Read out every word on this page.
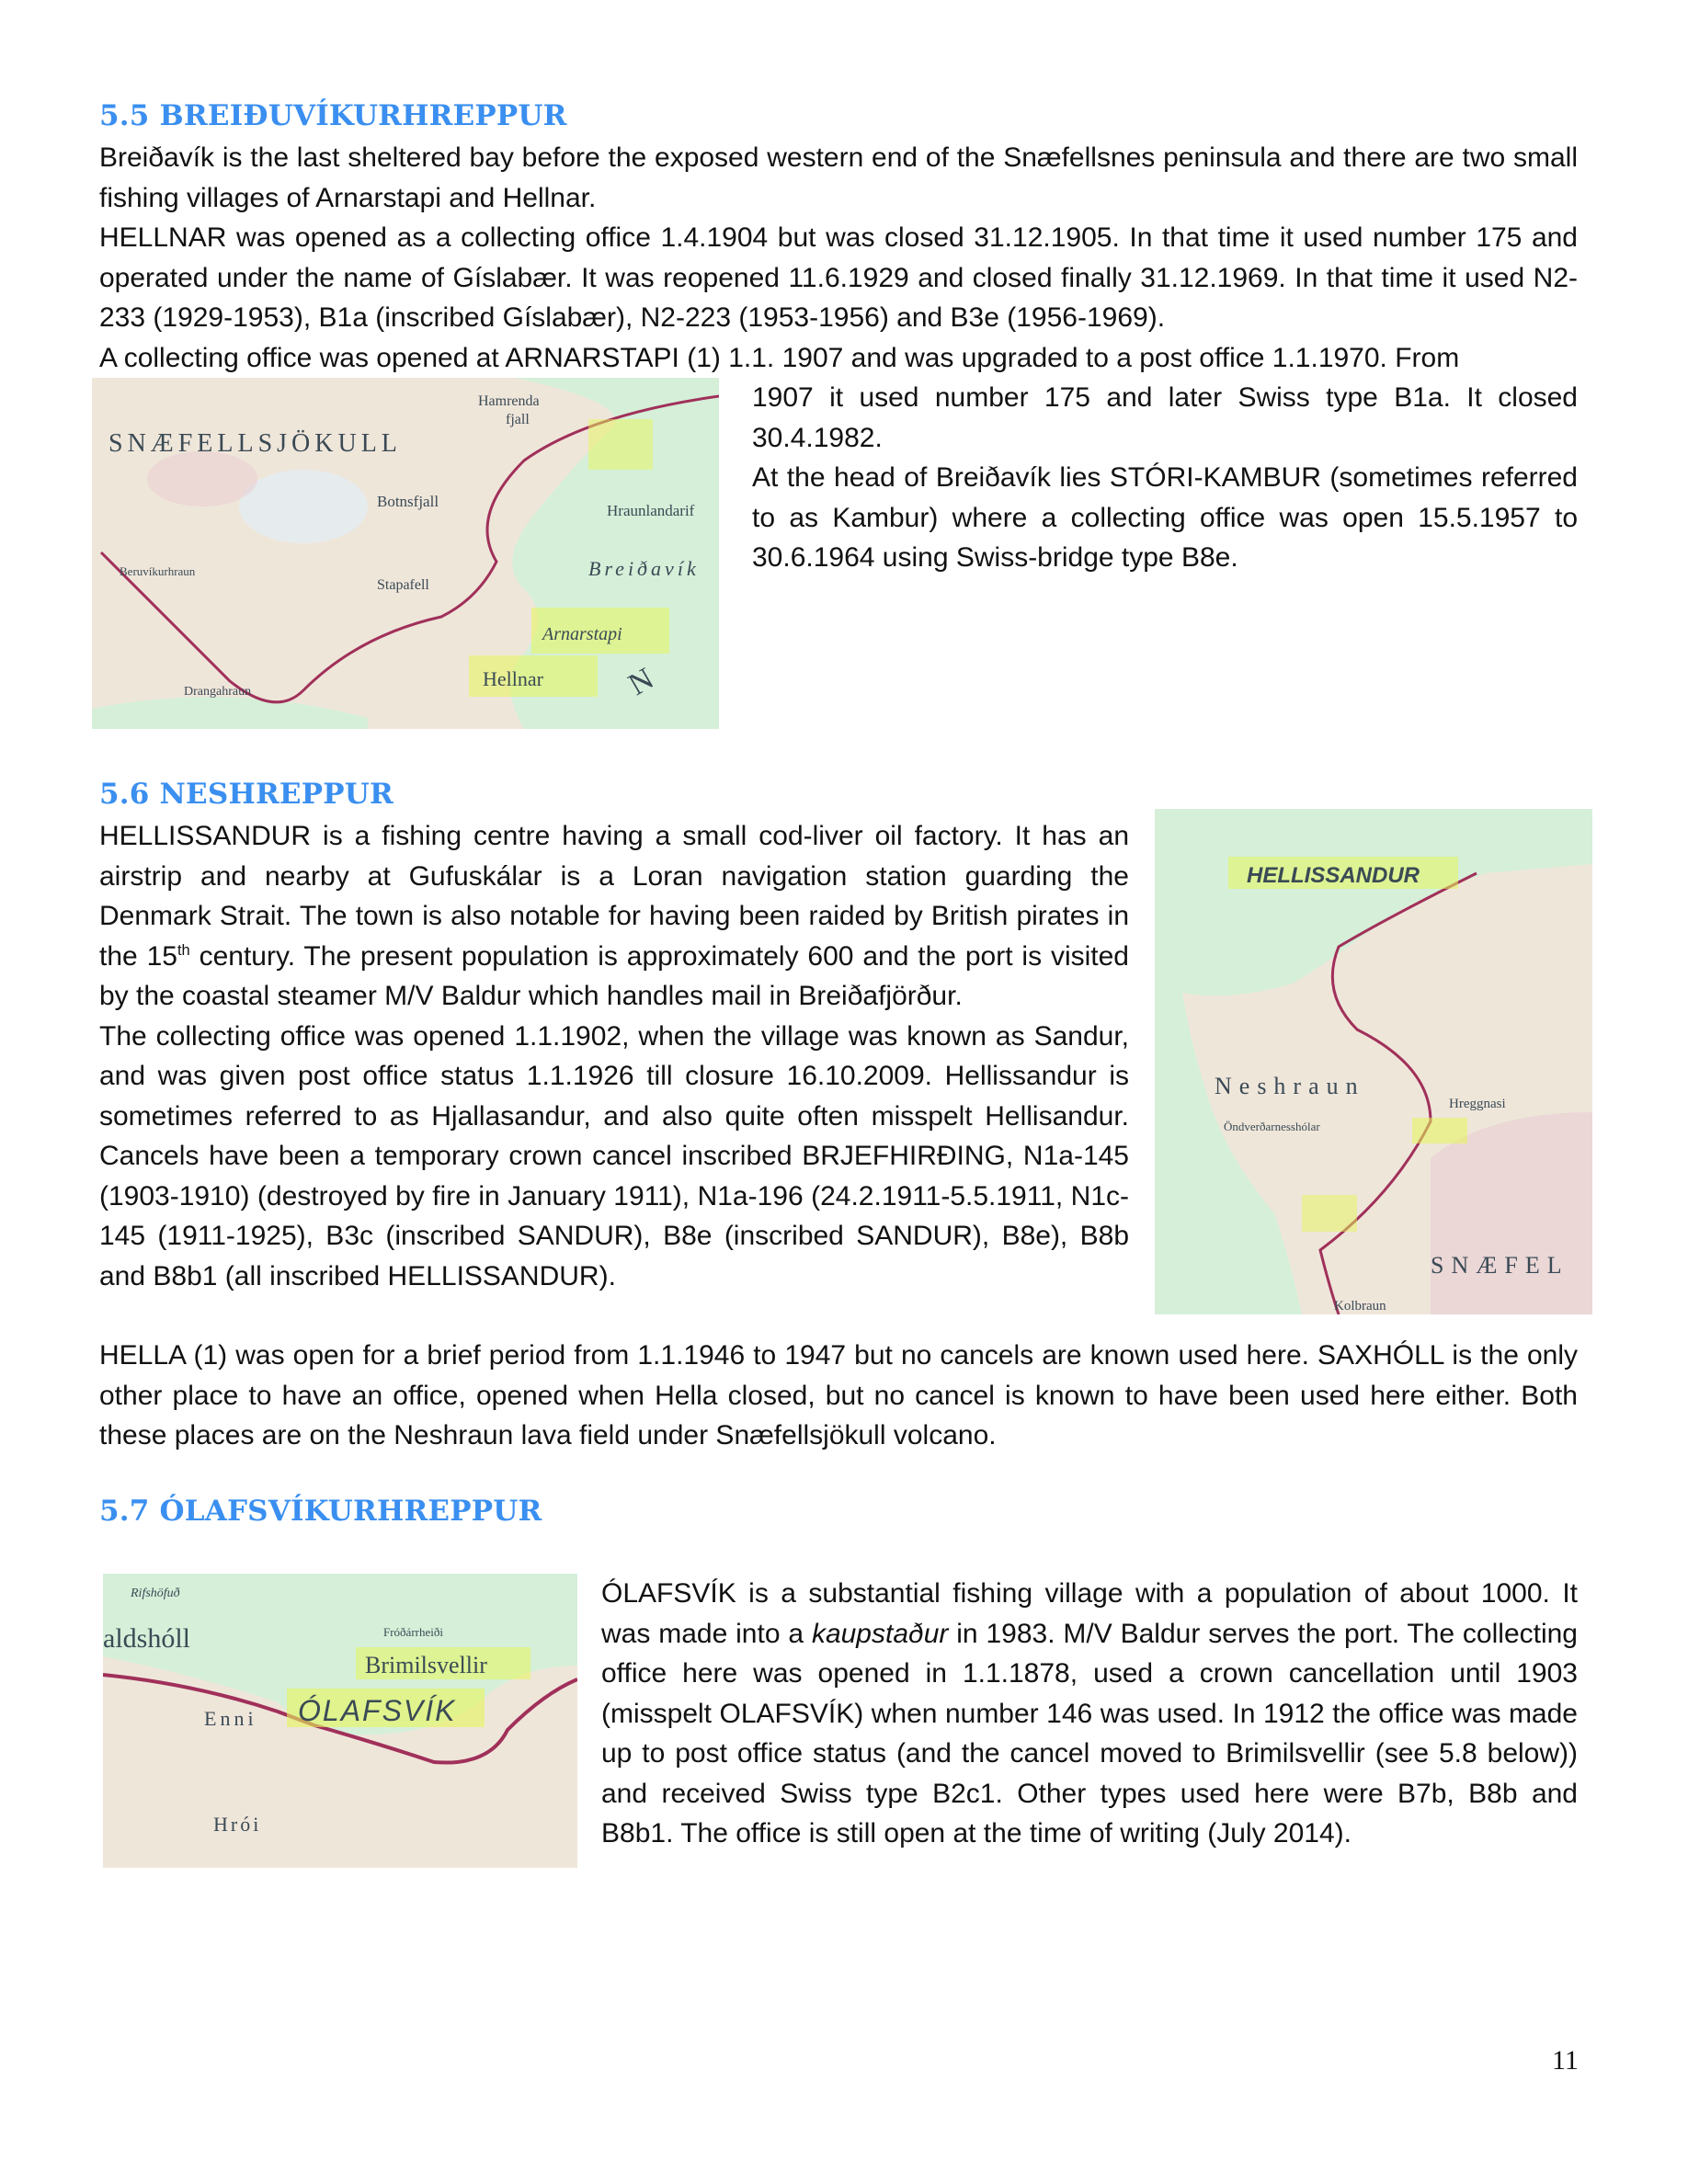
5.5 BREIĐUVÍKURHREPPUR

Breiðavík is the last sheltered bay before the exposed western end of the Snæfellsnes peninsula and there are two small fishing villages of Arnarstapi and Hellnar.

HELLNAR was opened as a collecting office 1.4.1904 but was closed 31.12.1905. In that time it used number 175 and operated under the name of Gíslabær. It was reopened 11.6.1929 and closed finally 31.12.1969. In that time it used N2-233 (1929-1953), B1a (inscribed Gíslabær), N2-223 (1953-1956) and B3e (1956-1969).

A collecting office was opened at ARNARSTAPI (1) 1.1. 1907 and was upgraded to a post office 1.1.1970. From

SNÆFELLSJÖKULL
Hamrenda
fjall
Botnsfjall
Hraunlandarif
Breiðavík
Stapafell
Beruvíkurhraun
Drangahraun
Arnarstapi
Hellnar	N

1907 it used number 175 and later Swiss type B1a. It closed 30.4.1982.

At the head of Breiðavík lies STÓRI-KAMBUR (sometimes referred to as Kambur) where a collecting office was open 15.5.1957 to 30.6.1964 using Swiss-bridge type B8e.

5.6 NESHREPPUR

HELLISSANDUR is a fishing centre having a small cod-liver oil factory. It has an airstrip and nearby at Gufuskálar is a Loran navigation station guarding the Denmark Strait. The town is also notable for having been raided by British pirates in the 15th century. The present population is approximately 600 and the port is visited by the coastal steamer M/V Baldur which handles mail in Breiðafjörður.

The collecting office was opened 1.1.1902, when the village was known as Sandur, and was given post office status 1.1.1926 till closure 16.10.2009. Hellissandur is sometimes referred to as Hjallasandur, and also quite often misspelt Hellisandur. Cancels have been a temporary crown cancel inscribed BRJEFHIRĐING, N1a-145 (1903-1910) (destroyed by fire in January 1911), N1a-196 (24.2.1911-5.5.1911, N1c-145 (1911-1925), B3c (inscribed SANDUR), B8e (inscribed SANDUR), B8e), B8b and B8b1 (all inscribed HELLISSANDUR).

HELLISSANDUR
Neshraun
Öndverðarnesshólar
Hreggnasi
SNÆFEL
Kolbraun

HELLA (1) was open for a brief period from 1.1.1946 to 1947 but no cancels are known used here. SAXHÓLL is the only other place to have an office, opened when Hella closed, but no cancel is known to have been used here either. Both these places are on the Neshraun lava field under Snæfellsjökull volcano.

5.7 ÓLAFSVÍKURHREPPUR
Rifshöfuð
aldshóll	Fróðárrheiði
Brimilsvellir
ÓLAFSVÍK
Enni
Hrói

ÓLAFSVÍK is a substantial fishing village with a population of about 1000. It was made into a kaupstaður in 1983. M/V Baldur serves the port. The collecting office here was opened in 1.1.1878, used a crown cancellation until 1903 (misspelt OLAFSVÍK) when number 146 was used. In 1912 the office was made up to post office status (and the cancel moved to Brimilsvellir (see 5.8 below)) and received Swiss type B2c1. Other types used here were B7b, B8b and B8b1. The office is still open at the time of writing (July 2014).

11
